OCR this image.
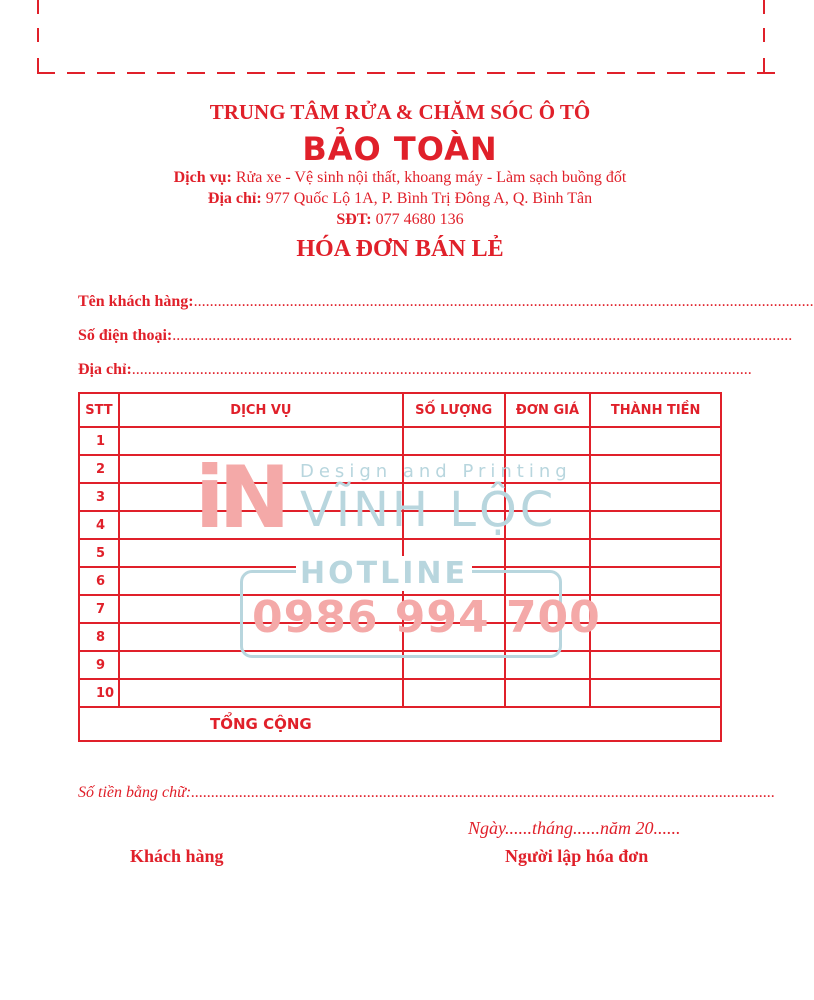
TRUNG TÂM RỬA & CHĂM SÓC Ô TÔ
BẢO TOÀN
Dịch vụ: Rửa xe - Vệ sinh nội thất, khoang máy - Làm sạch buồng đốt
Địa chỉ: 977 Quốc Lộ 1A, P. Bình Trị Đông A, Q. Bình Tân
SĐT: 077 4680 136
HÓA ĐƠN BÁN LẺ
Tên khách hàng:...........................................................................................................................................................
Số điện thoại:...........................................................................................................................................................
Địa chỉ:...........................................................................................................................................................
STT	DỊCH VỤ	SỐ LƯỢNG	ĐƠN GIÁ	THÀNH TIỀN
1				
2				
3				
4				
5				
6				
7				
8				
9				
10				
TỔNG CỘNG				
iN Design and Printing
VĨNH LỘC
HOTLINE
0986 994 700
Số tiền bằng chữ:..................................................................................................................................................
Ngày......tháng......năm 20......
Khách hàng	Người lập hóa đơn
